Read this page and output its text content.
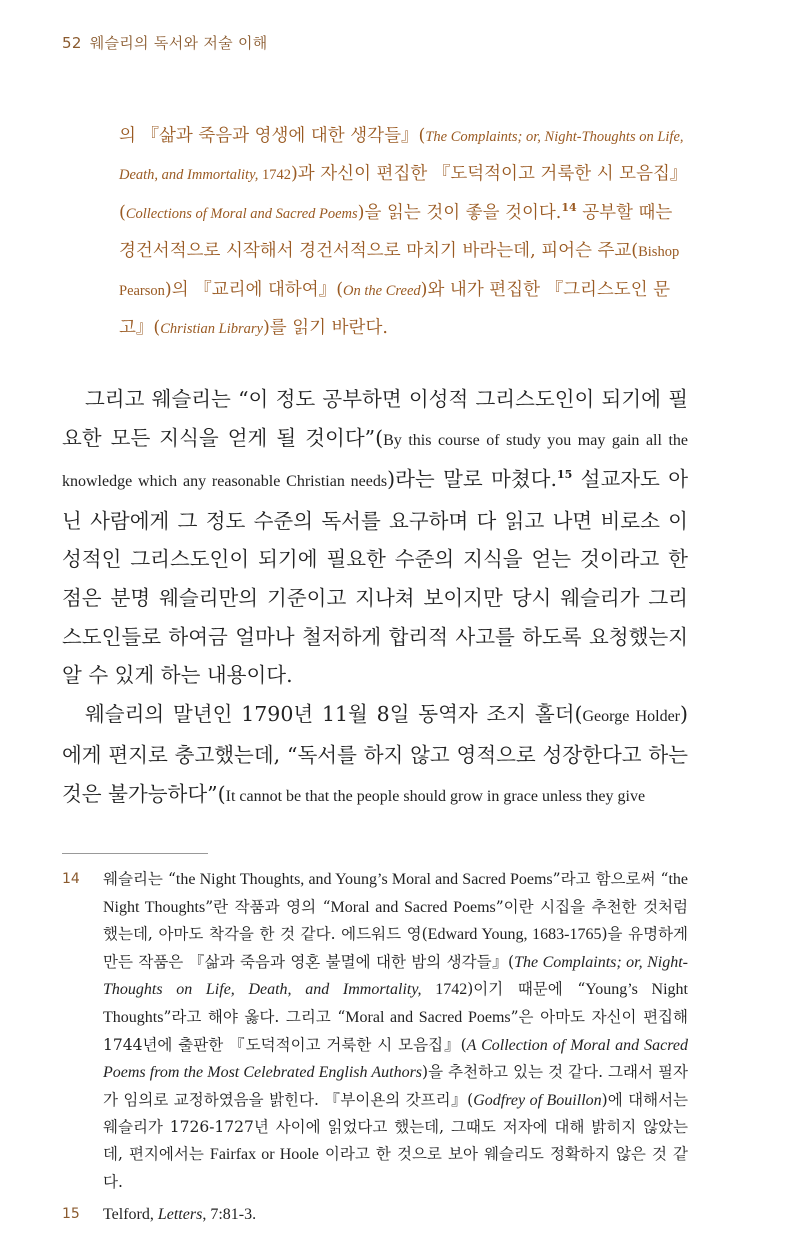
52 웨슬리의 독서와 저술 이해

의 『삶과 죽음과 영생에 대한 생각들』(The Complaints; or, Night-Thoughts on Life, Death, and Immortality, 1742)과 자신이 편집한 『도덕적이고 거룩한 시 모음집』(Collections of Moral and Sacred Poems)을 읽는 것이 좋을 것이다.$^{14}$ 공부할 때는 경건서적으로 시작해서 경건서적으로 마치기 바라는데, 피어슨 주교(Bishop Pearson)의 『교리에 대하여』(On the Creed)와 내가 편집한 『그리스도인 문고』(Christian Library)를 읽기 바란다.

그리고 웨슬리는 “이 정도 공부하면 이성적 그리스도인이 되기에 필요한 모든 지식을 얻게 될 것이다”(By this course of study you may gain all the knowledge which any reasonable Christian needs)라는 말로 마쳤다.$^{15}$ 설교자도 아닌 사람에게 그 정도 수준의 독서를 요구하며 다 읽고 나면 비로소 이성적인 그리스도인이 되기에 필요한 수준의 지식을 얻는 것이라고 한 점은 분명 웨슬리만의 기준이고 지나쳐 보이지만 당시 웨슬리가 그리스도인들로 하여금 얼마나 철저하게 합리적 사고를 하도록 요청했는지 알 수 있게 하는 내용이다.

웨슬리의 말년인 1790년 11월 8일 동역자 조지 홀더(George Holder)에게 편지로 충고했는데, “독서를 하지 않고 영적으로 성장한다고 하는 것은 불가능하다”(It cannot be that the people should grow in grace unless they give

14	웨슬리는 “the Night Thoughts, and Young’s Moral and Sacred Poems”라고 함으로써 “the Night Thoughts”란 작품과 영의 “Moral and Sacred Poems”이란 시집을 추천한 것처럼 했는데, 아마도 착각을 한 것 같다. 에드워드 영(Edward Young, 1683-1765)을 유명하게 만든 작품은 『삶과 죽음과 영혼 불멸에 대한 밤의 생각들』(The Complaints; or, Night-Thoughts on Life, Death, and Immortality, 1742)이기 때문에 “Young’s Night Thoughts”라고 해야 옳다. 그리고 “Moral and Sacred Poems”은 아마도 자신이 편집해 1744년에 출판한 『도덕적이고 거룩한 시 모음집』(A Collection of Moral and Sacred Poems from the Most Celebrated English Authors)을 추천하고 있는 것 같다. 그래서 필자가 임의로 교정하였음을 밝힌다. 『부이욘의 갓프리』(Godfrey of Bouillon)에 대해서는 웨슬리가 1726-1727년 사이에 읽었다고 했는데, 그때도 저자에 대해 밝히지 않았는데, 편지에서는 Fairfax or Hoole 이라고 한 것으로 보아 웨슬리도 정확하지 않은 것 같다.
15	Telford, Letters, 7:81-3.
